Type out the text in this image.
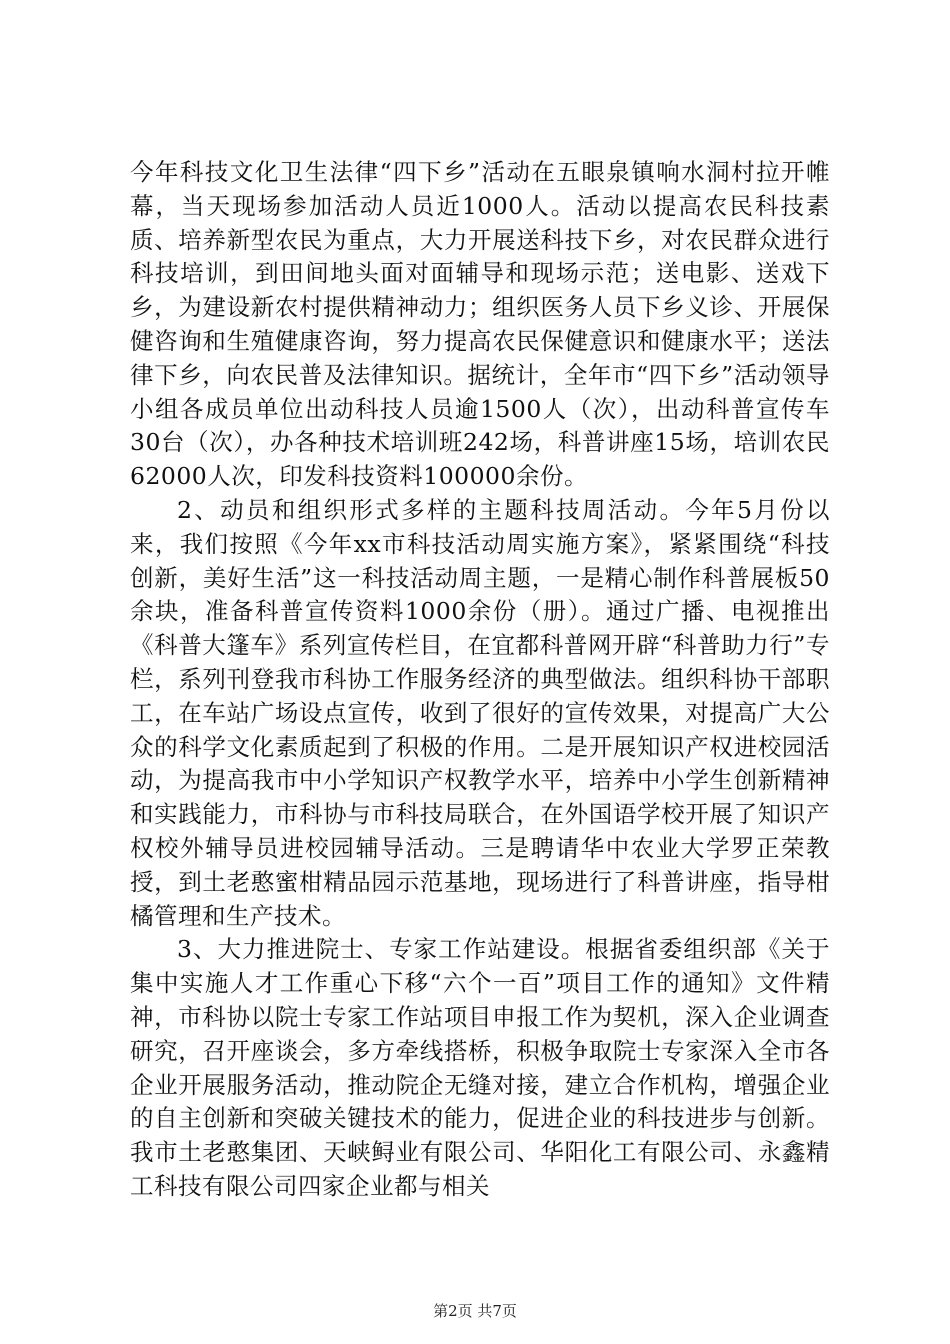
今年科技文化卫生法律“四下乡”活动在五眼泉镇响水洞村拉开帷幕，当天现场参加活动人员近1000人。活动以提高农民科技素质、培养新型农民为重点，大力开展送科技下乡，对农民群众进行科技培训，到田间地头面对面辅导和现场示范；送电影、送戏下乡，为建设新农村提供精神动力；组织医务人员下乡义诊、开展保健咨询和生殖健康咨询，努力提高农民保健意识和健康水平；送法律下乡，向农民普及法律知识。据统计，全年市“四下乡”活动领导小组各成员单位出动科技人员逾1500人（次），出动科普宣传车30台（次），办各种技术培训班242场，科普讲座15场，培训农民62000人次，印发科技资料100000余份。

2、动员和组织形式多样的主题科技周活动。今年5月份以来，我们按照《今年xx市科技活动周实施方案》，紧紧围绕“科技创新，美好生活”这一科技活动周主题，一是精心制作科普展板50余块，准备科普宣传资料1000余份（册）。通过广播、电视推出《科普大篷车》系列宣传栏目，在宜都科普网开辟“科普助力行”专栏，系列刊登我市科协工作服务经济的典型做法。组织科协干部职工，在车站广场设点宣传，收到了很好的宣传效果，对提高广大公众的科学文化素质起到了积极的作用。二是开展知识产权进校园活动，为提高我市中小学知识产权教学水平，培养中小学生创新精神和实践能力，市科协与市科技局联合，在外国语学校开展了知识产权校外辅导员进校园辅导活动。三是聘请华中农业大学罗正荣教授，到土老憨蜜柑精品园示范基地，现场进行了科普讲座，指导柑橘管理和生产技术。

3、大力推进院士、专家工作站建设。根据省委组织部《关于集中实施人才工作重心下移“六个一百”项目工作的通知》文件精神，市科协以院士专家工作站项目申报工作为契机，深入企业调查研究，召开座谈会，多方牵线搭桥，积极争取院士专家深入全市各企业开展服务活动，推动院企无缝对接，建立合作机构，增强企业的自主创新和突破关键技术的能力，促进企业的科技进步与创新。我市土老憨集团、天峡鲟业有限公司、华阳化工有限公司、永鑫精工科技有限公司四家企业都与相关

第2页 共7页
